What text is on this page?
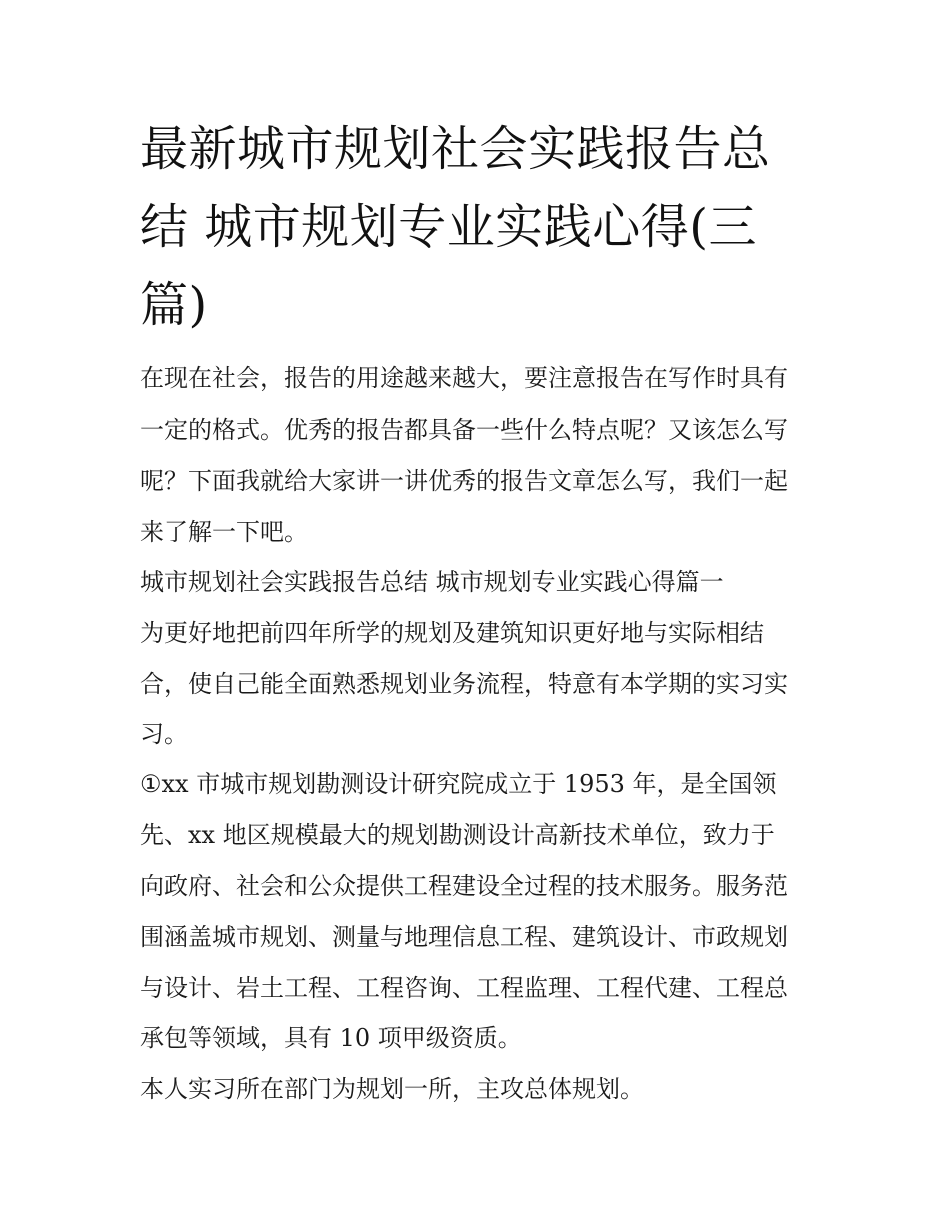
最新城市规划社会实践报告总
结 城市规划专业实践心得(三
篇)
在现在社会，报告的用途越来越大，要注意报告在写作时具有
一定的格式。优秀的报告都具备一些什么特点呢？又该怎么写
呢？下面我就给大家讲一讲优秀的报告文章怎么写，我们一起
来了解一下吧。
城市规划社会实践报告总结 城市规划专业实践心得篇一
为更好地把前四年所学的规划及建筑知识更好地与实际相结
合，使自己能全面熟悉规划业务流程，特意有本学期的实习实
习。
①xx 市城市规划勘测设计研究院成立于 1953 年，是全国领
先、xx 地区规模最大的规划勘测设计高新技术单位，致力于
向政府、社会和公众提供工程建设全过程的技术服务。服务范
围涵盖城市规划、测量与地理信息工程、建筑设计、市政规划
与设计、岩土工程、工程咨询、工程监理、工程代建、工程总
承包等领域，具有 10 项甲级资质。
本人实习所在部门为规划一所，主攻总体规划。
